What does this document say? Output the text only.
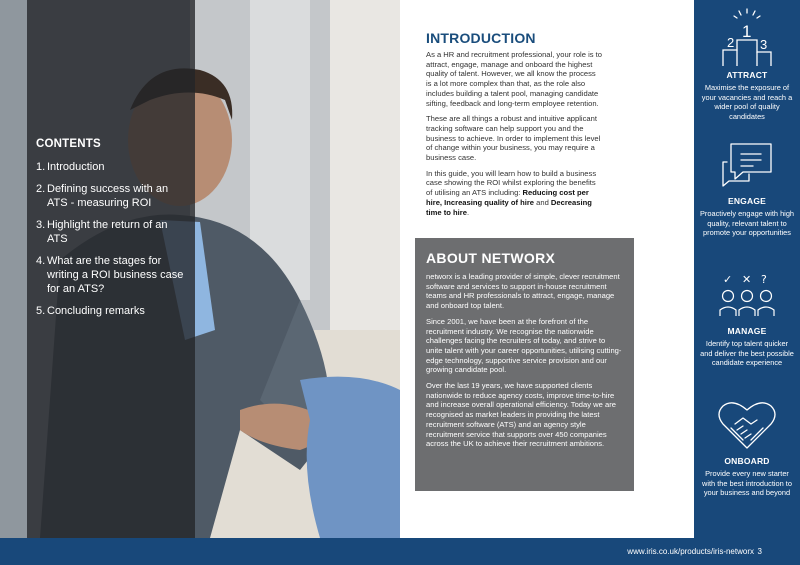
CONTENTS
1. Introduction
2. Defining success with an ATS - measuring ROI
3. Highlight the return of an ATS
4. What are the stages for writing a ROI business case for an ATS?
5. Concluding remarks
INTRODUCTION

As a HR and recruitment professional, your role is to attract, engage, manage and onboard the highest quality of talent. However, we all know the process is a lot more complex than that, as the role also includes building a talent pool, managing candidate sifting, feedback and long-term employee retention.

These are all things a robust and intuitive applicant tracking software can help support you and the business to achieve. In order to implement this level of change within your business, you may require a business case.

In this guide, you will learn how to build a business case showing the ROI whilst exploring the benefits of utilising an ATS including: Reducing cost per hire, Increasing quality of hire and Decreasing time to hire.

ABOUT NETWORX

networx is a leading provider of simple, clever recruitment software and services to support in-house recruitment teams and HR professionals to attract, engage, manage and onboard top talent.

Since 2001, we have been at the forefront of the recruitment industry. We recognise the nationwide challenges facing the recruiters of today, and strive to unite talent with your career opportunities, utilising cutting-edge technology, supportive service provision and our growing candidate pool.

Over the last 19 years, we have supported clients nationwide to reduce agency costs, improve time-to-hire and increase overall operational efficiency. Today we are recognised as market leaders in providing the latest recruitment software (ATS) and an agency style recruitment service that supports over 450 companies across the UK to achieve their recruitment ambitions.

2
1
3
ATTRACT

Maximise the exposure of your vacancies and reach a wider pool of quality candidates

ENGAGE

Proactively engage with high quality, relevant talent to promote your opportunities

✓ ✕ ?
MANAGE

Identify top talent quicker and deliver the best possible candidate experience

ONBOARD

Provide every new starter with the best introduction to your business and beyond

www.iris.co.uk/products/iris-networx 3
